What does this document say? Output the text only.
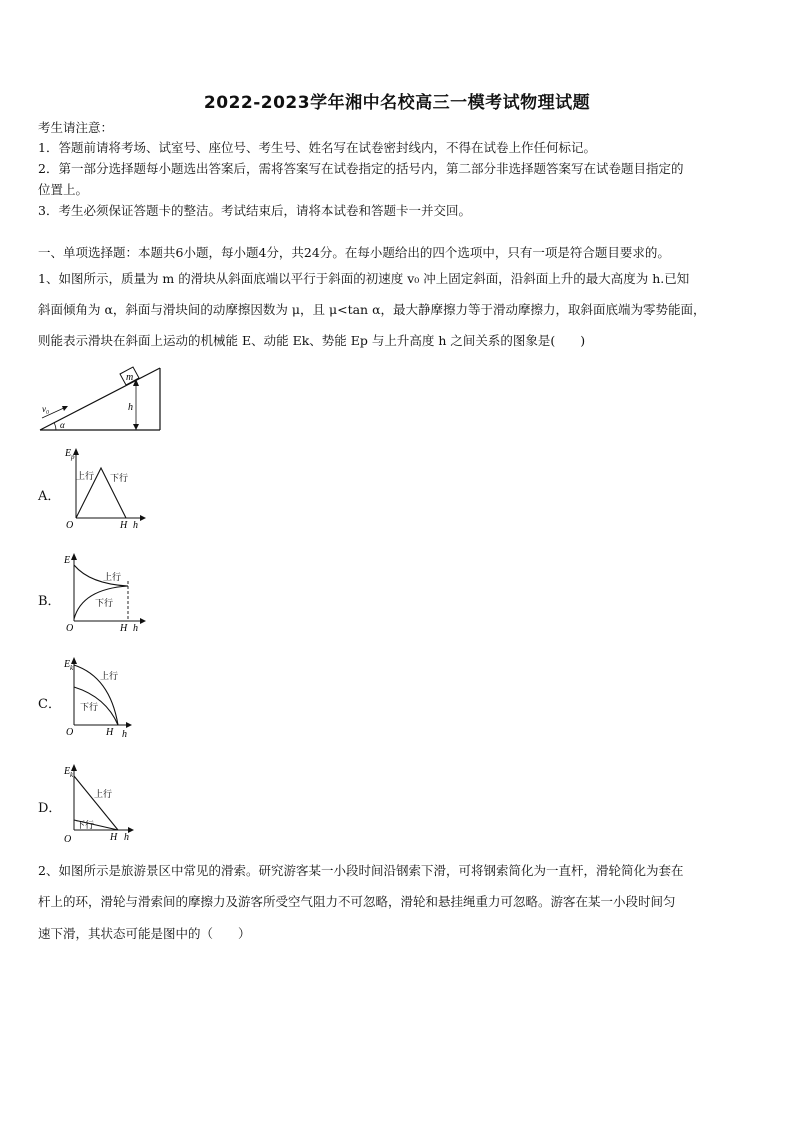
2022-2023学年湘中名校高三一模考试物理试题
考生请注意：
1．答题前请将考场、试室号、座位号、考生号、姓名写在试卷密封线内，不得在试卷上作任何标记。
2．第一部分选择题每小题选出答案后，需将答案写在试卷指定的括号内，第二部分非选择题答案写在试卷题目指定的
位置上。
3．考生必须保证答题卡的整洁。考试结束后，请将本试卷和答题卡一并交回。
一、单项选择题：本题共6小题，每小题4分，共24分。在每小题给出的四个选项中，只有一项是符合题目要求的。
1、如图所示，质量为 m 的滑块从斜面底端以平行于斜面的初速度 v₀ 冲上固定斜面，沿斜面上升的最大高度为 h.已知
斜面倾角为 α，斜面与滑块间的动摩擦因数为 μ，且 μ<tan α，最大静摩擦力等于滑动摩擦力，取斜面底端为零势能面，
则能表示滑块在斜面上运动的机械能 E、动能 Ek、势能 Ep 与上升高度 h 之间关系的图象是(　　)
m
v₀	h
α
A．
E p
O	H h
上行 下行
B．
E
O	H h
上行
下行
C．
E k
O	H h
上行
下行
D．
E k
O	H h
上行
下行
2、如图所示是旅游景区中常见的滑索。研究游客某一小段时间沿钢索下滑，可将钢索简化为一直杆，滑轮简化为套在
杆上的环，滑轮与滑索间的摩擦力及游客所受空气阻力不可忽略，滑轮和悬挂绳重力可忽略。游客在某一小段时间匀
速下滑，其状态可能是图中的（　　）
